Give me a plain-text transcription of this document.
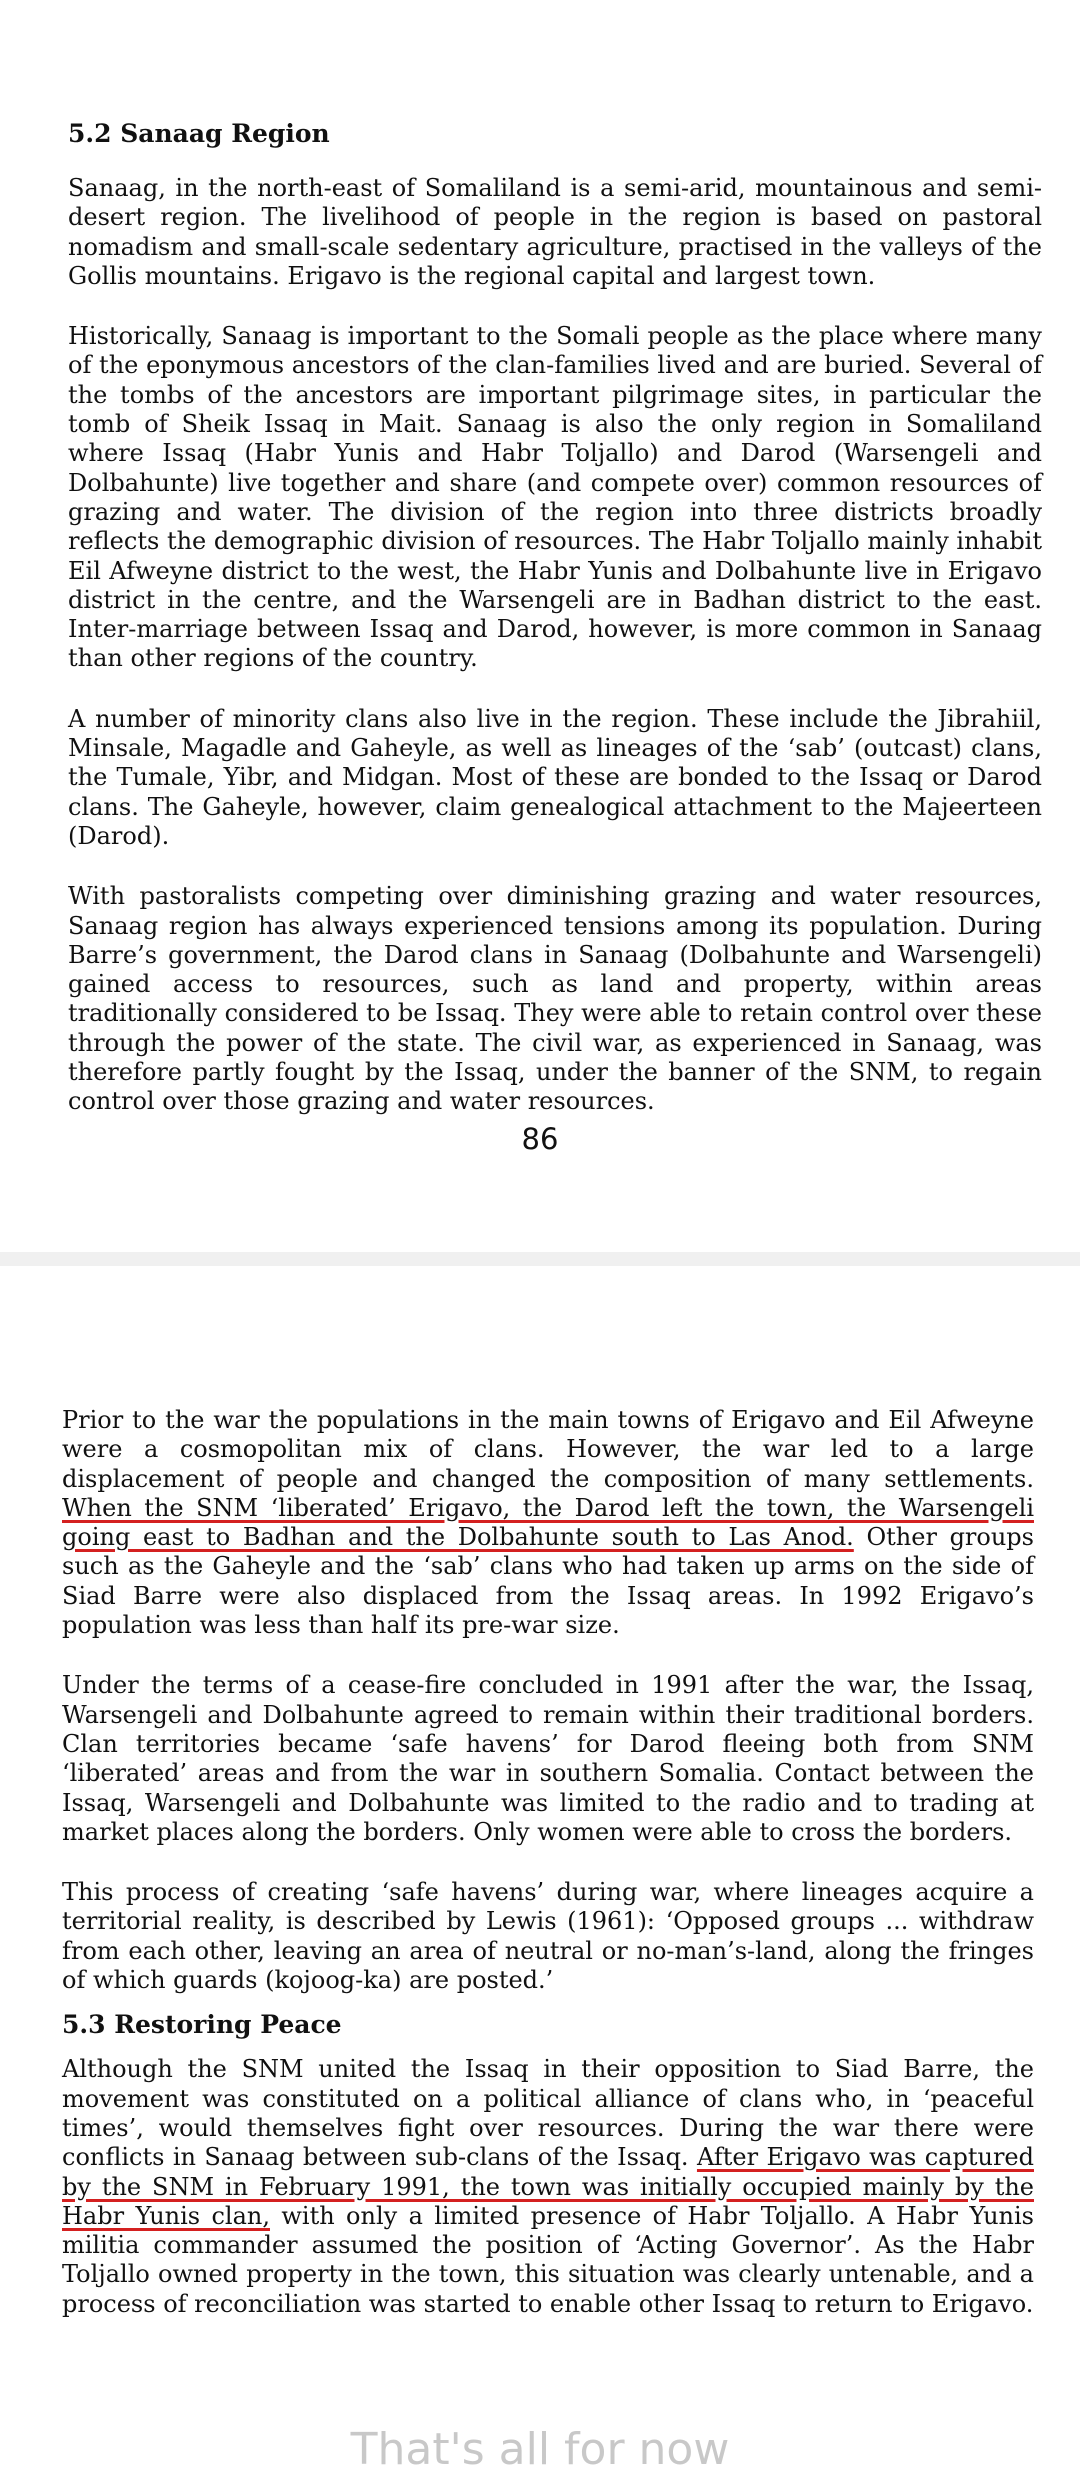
5.2 Sanaag Region

Sanaag, in the north-east of Somaliland is a semi-arid, mountainous and semi-desert region. The livelihood of people in the region is based on pastoral nomadism and small-scale sedentary agriculture, practised in the valleys of the Gollis mountains. Erigavo is the regional capital and largest town.

Historically, Sanaag is important to the Somali people as the place where many of the eponymous ancestors of the clan-families lived and are buried. Several of the tombs of the ancestors are important pilgrimage sites, in particular the tomb of Sheik Issaq in Mait. Sanaag is also the only region in Somaliland where Issaq (Habr Yunis and Habr Toljallo) and Darod (Warsengeli and Dolbahunte) live together and share (and compete over) common resources of grazing and water. The division of the region into three districts broadly reflects the demographic division of resources. The Habr Toljallo mainly inhabit Eil Afweyne district to the west, the Habr Yunis and Dolbahunte live in Erigavo district in the centre, and the Warsengeli are in Badhan district to the east. Inter-marriage between Issaq and Darod, however, is more common in Sanaag than other regions of the country.

A number of minority clans also live in the region. These include the Jibrahiil, Minsale, Magadle and Gaheyle, as well as lineages of the ‘sab’ (outcast) clans, the Tumale, Yibr, and Midgan. Most of these are bonded to the Issaq or Darod clans. The Gaheyle, however, claim genealogical attachment to the Majeerteen (Darod).

With pastoralists competing over diminishing grazing and water resources, Sanaag region has always experienced tensions among its population. During Barre’s government, the Darod clans in Sanaag (Dolbahunte and Warsengeli) gained access to resources, such as land and property, within areas traditionally considered to be Issaq. They were able to retain control over these through the power of the state. The civil war, as experienced in Sanaag, was therefore partly fought by the Issaq, under the banner of the SNM, to regain control over those grazing and water resources.

86

Prior to the war the populations in the main towns of Erigavo and Eil Afweyne were a cosmopolitan mix of clans. However, the war led to a large displacement of people and changed the composition of many settlements. When the SNM ‘liberated’ Erigavo, the Darod left the town, the Warsengeli going east to Badhan and the Dolbahunte south to Las Anod. Other groups such as the Gaheyle and the ‘sab’ clans who had taken up arms on the side of Siad Barre were also displaced from the Issaq areas. In 1992 Erigavo’s population was less than half its pre-war size.

Under the terms of a cease-fire concluded in 1991 after the war, the Issaq, Warsengeli and Dolbahunte agreed to remain within their traditional borders. Clan territories became ‘safe havens’ for Darod fleeing both from SNM ‘liberated’ areas and from the war in southern Somalia. Contact between the Issaq, Warsengeli and Dolbahunte was limited to the radio and to trading at market places along the borders. Only women were able to cross the borders.

This process of creating ‘safe havens’ during war, where lineages acquire a territorial reality, is described by Lewis (1961): ‘Opposed groups ... withdraw from each other, leaving an area of neutral or no-man’s-land, along the fringes of which guards (kojoog-ka) are posted.’

5.3 Restoring Peace

Although the SNM united the Issaq in their opposition to Siad Barre, the movement was constituted on a political alliance of clans who, in ‘peaceful times’, would themselves fight over resources. During the war there were conflicts in Sanaag between sub-clans of the Issaq. After Erigavo was captured by the SNM in February 1991, the town was initially occupied mainly by the Habr Yunis clan, with only a limited presence of Habr Toljallo. A Habr Yunis militia commander assumed the position of ‘Acting Governor’. As the Habr Toljallo owned property in the town, this situation was clearly untenable, and a process of reconciliation was started to enable other Issaq to return to Erigavo.

That's all for now
